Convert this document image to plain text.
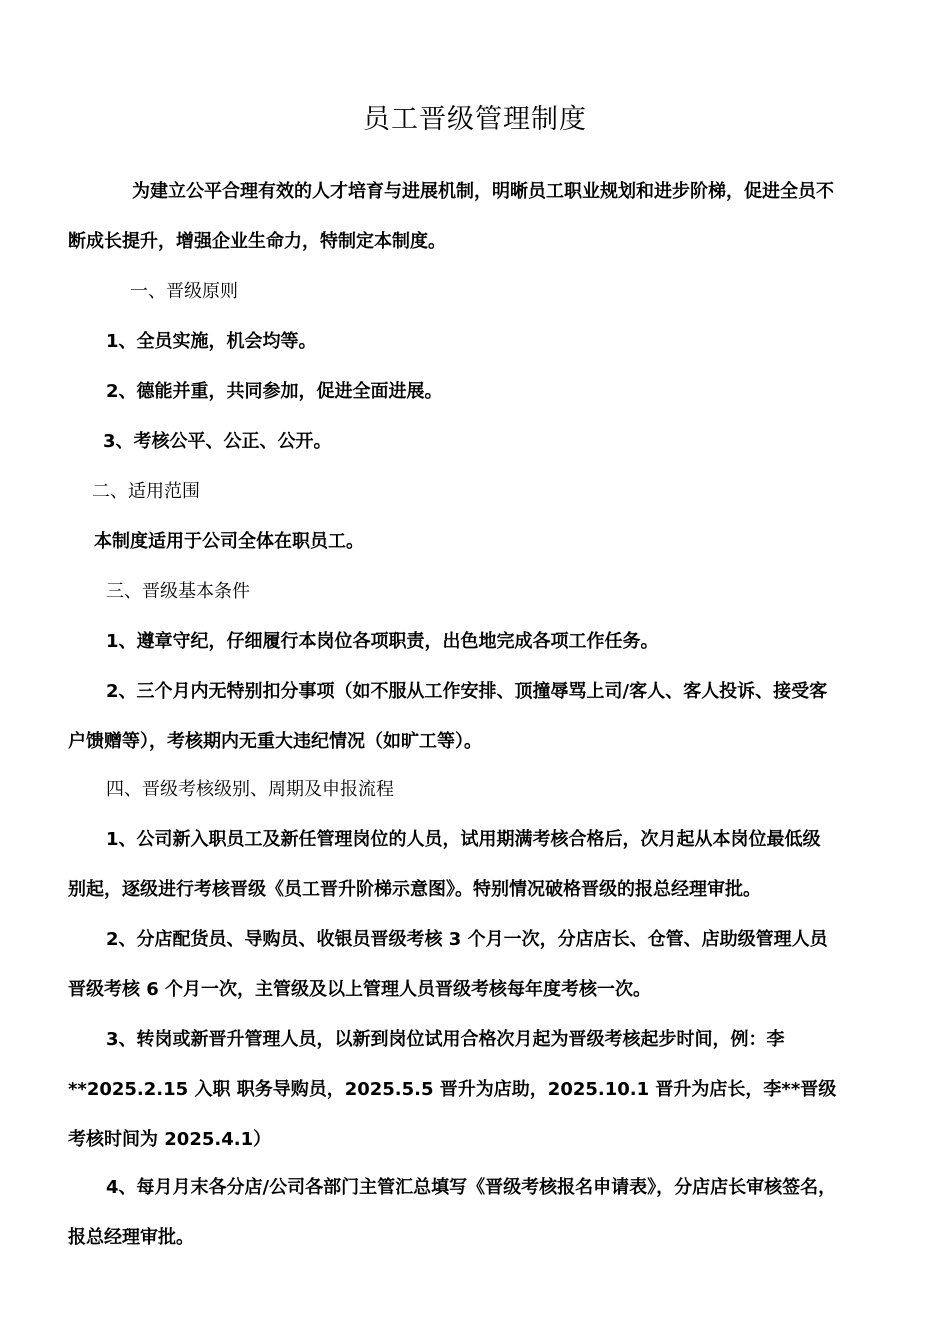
员工晋级管理制度
为建立公平合理有效的人才培育与进展机制，明晰员工职业规划和进步阶梯，促进全员不
断成长提升，增强企业生命力，特制定本制度。
一、晋级原则
1、全员实施，机会均等。
2、德能并重，共同参加，促进全面进展。
3、考核公平、公正、公开。
二、适用范围
本制度适用于公司全体在职员工。
三、晋级基本条件
1、遵章守纪，仔细履行本岗位各项职责，出色地完成各项工作任务。
2、三个月内无特别扣分事项（如不服从工作安排、顶撞辱骂上司/客人、客人投诉、接受客
户馈赠等），考核期内无重大违纪情况（如旷工等）。
四、晋级考核级别、周期及申报流程
1、公司新入职员工及新任管理岗位的人员，试用期满考核合格后，次月起从本岗位最低级
别起，逐级进行考核晋级《员工晋升阶梯示意图》。特别情况破格晋级的报总经理审批。
2、分店配货员、导购员、收银员晋级考核 3 个月一次，分店店长、仓管、店助级管理人员
晋级考核 6 个月一次，主管级及以上管理人员晋级考核每年度考核一次。
3、转岗或新晋升管理人员，以新到岗位试用合格次月起为晋级考核起步时间，例：李
**2025.2.15 入职 职务导购员，2025.5.5 晋升为店助，2025.10.1 晋升为店长，李**晋级
考核时间为 2025.4.1）
4、每月月末各分店/公司各部门主管汇总填写《晋级考核报名申请表》，分店店长审核签名，
报总经理审批。
